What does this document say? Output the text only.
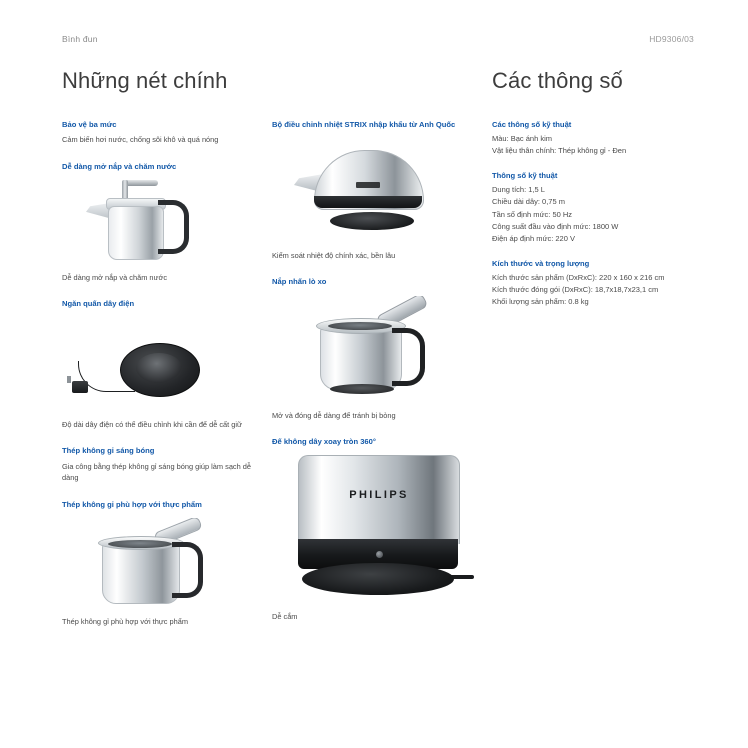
Bình đun	HD9306/03
Những nét chính

Bảo vệ ba mức

Cảm biến hơi nước, chống sôi khô và quá nóng

Dễ dàng mở nắp và chăm nước

Dễ dàng mở nắp và chăm nước

Ngăn quấn dây điện

Độ dài dây điện có thể điều chỉnh khi cần để dễ cất giữ

Thép không gỉ sáng bóng

Gia công bằng thép không gỉ sáng bóng giúp làm sạch dễ dàng

Thép không gỉ phù hợp với thực phẩm

Thép không gỉ phù hợp với thực phẩm

Bộ điều chỉnh nhiệt STRIX nhập khẩu từ Anh Quốc

Kiểm soát nhiệt độ chính xác, bền lâu

Nắp nhấn lò xo

Mở và đóng dễ dàng để tránh bị bỏng

Đế không dây xoay tròn 360°

PHILIPS

Dễ cắm

Các thông số

Các thông số kỹ thuật

Màu: Bạc ánh kim

Vật liệu thân chính: Thép không gỉ - Đen

Thông số kỹ thuật

Dung tích: 1,5 L

Chiều dài dây: 0,75 m

Tần số định mức: 50 Hz

Công suất đầu vào định mức: 1800 W

Điện áp định mức: 220 V

Kích thước và trọng lượng

Kích thước sản phẩm (DxRxC): 220 x 160 x 216 cm

Kích thước đóng gói (DxRxC): 18,7x18,7x23,1 cm

Khối lượng sản phẩm: 0.8 kg
